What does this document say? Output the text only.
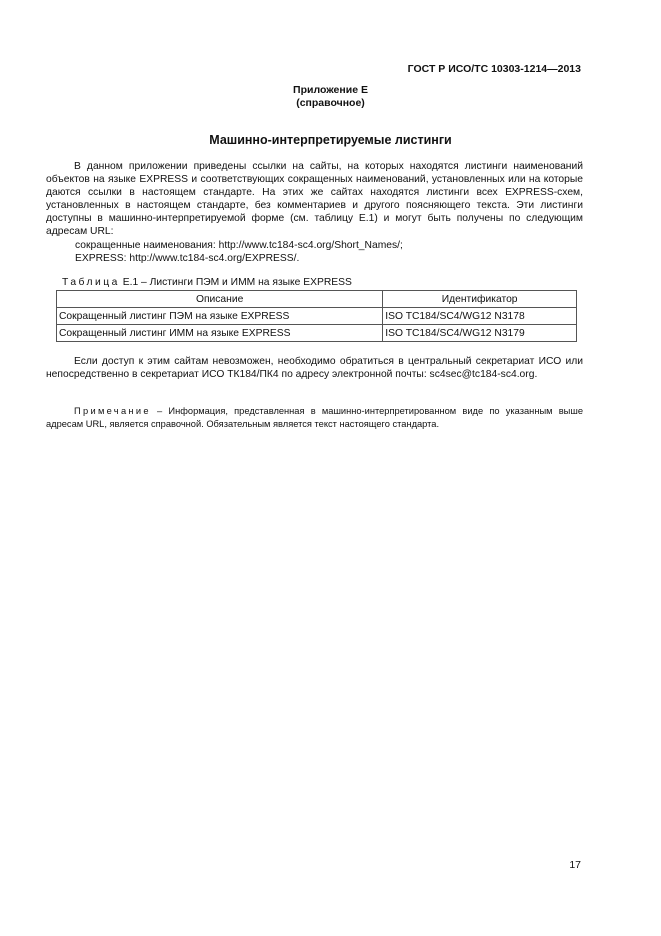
ГОСТ Р ИСО/ТС 10303-1214—2013
Приложение Е
(справочное)
Машинно-интерпретируемые листинги
В данном приложении приведены ссылки на сайты, на которых находятся листинги наименований объектов на языке EXPRESS и соответствующих сокращенных наименований, установленных или на которые даются ссылки в настоящем стандарте. На этих же сайтах находятся листинги всех EXPRESS-схем, установленных в настоящем стандарте, без комментариев и другого поясняющего текста. Эти листинги доступны в машинно-интерпретируемой форме (см. таблицу Е.1) и могут быть получены по следующим адресам URL:
сокращенные наименования: http://www.tc184-sc4.org/Short_Names/;
EXPRESS: http://www.tc184-sc4.org/EXPRESS/.
Таблица Е.1 – Листинги ПЭМ и ИММ на языке EXPRESS
Описание	Идентификатор
Сокращенный листинг ПЭМ на языке EXPRESS	ISO TC184/SC4/WG12 N3178
Сокращенный листинг ИММ на языке EXPRESS	ISO TC184/SC4/WG12 N3179
Если доступ к этим сайтам невозможен, необходимо обратиться в центральный секретариат ИСО или непосредственно в секретариат ИСО ТК184/ПК4 по адресу электронной почты: sc4sec@tc184-sc4.org.
Примечание – Информация, представленная в машинно-интерпретированном виде по указанным выше адресам URL, является справочной. Обязательным является текст настоящего стандарта.
17
